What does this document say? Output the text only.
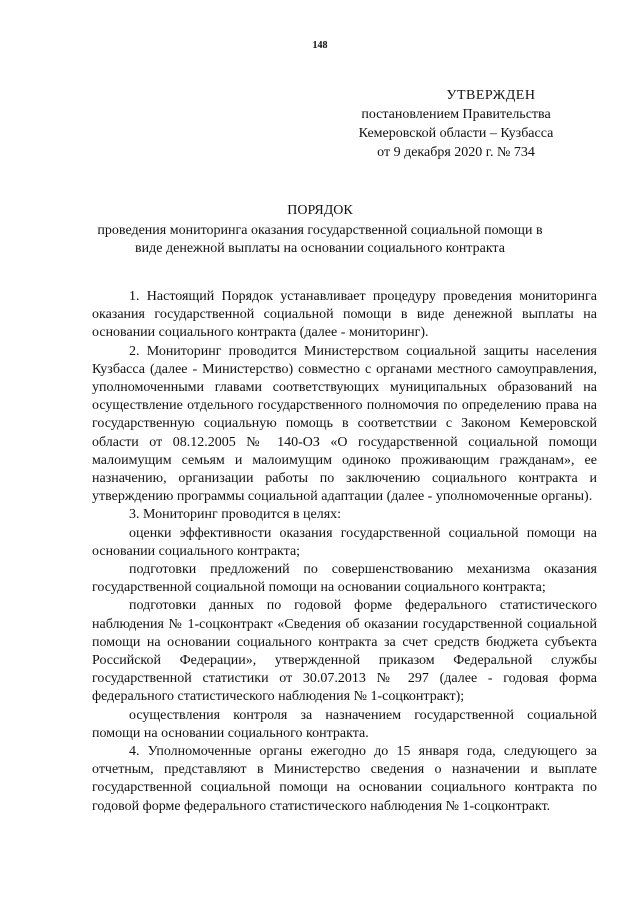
148
УТВЕРЖДЕН
постановлением Правительства
Кемеровской области – Кузбасса
от 9 декабря 2020 г. № 734
ПОРЯДОК
проведения мониторинга оказания государственной социальной помощи в виде денежной выплаты на основании социального контракта

1. Настоящий Порядок устанавливает процедуру проведения мониторинга оказания государственной социальной помощи в виде денежной выплаты на основании социального контракта (далее - мониторинг).

2. Мониторинг проводится Министерством социальной защиты населения Кузбасса (далее - Министерство) совместно с органами местного самоуправления, уполномоченными главами соответствующих муниципальных образований на осуществление отдельного государственного полномочия по определению права на государственную социальную помощь в соответствии с Законом Кемеровской области от 08.12.2005 № 140-ОЗ «О государственной социальной помощи малоимущим семьям и малоимущим одиноко проживающим гражданам», ее назначению, организации работы по заключению социального контракта и утверждению программы социальной адаптации (далее - уполномоченные органы).

3. Мониторинг проводится в целях:

оценки эффективности оказания государственной социальной помощи на основании социального контракта;

подготовки предложений по совершенствованию механизма оказания государственной социальной помощи на основании социального контракта;

подготовки данных по годовой форме федерального статистического наблюдения № 1-соцконтракт «Сведения об оказании государственной социальной помощи на основании социального контракта за счет средств бюджета субъекта Российской Федерации», утвержденной приказом Федеральной службы государственной статистики от 30.07.2013 № 297 (далее - годовая форма федерального статистического наблюдения № 1-соцконтракт);

осуществления контроля за назначением государственной социальной помощи на основании социального контракта.

4. Уполномоченные органы ежегодно до 15 января года, следующего за отчетным, представляют в Министерство сведения о назначении и выплате государственной социальной помощи на основании социального контракта по годовой форме федерального статистического наблюдения № 1-соцконтракт.
